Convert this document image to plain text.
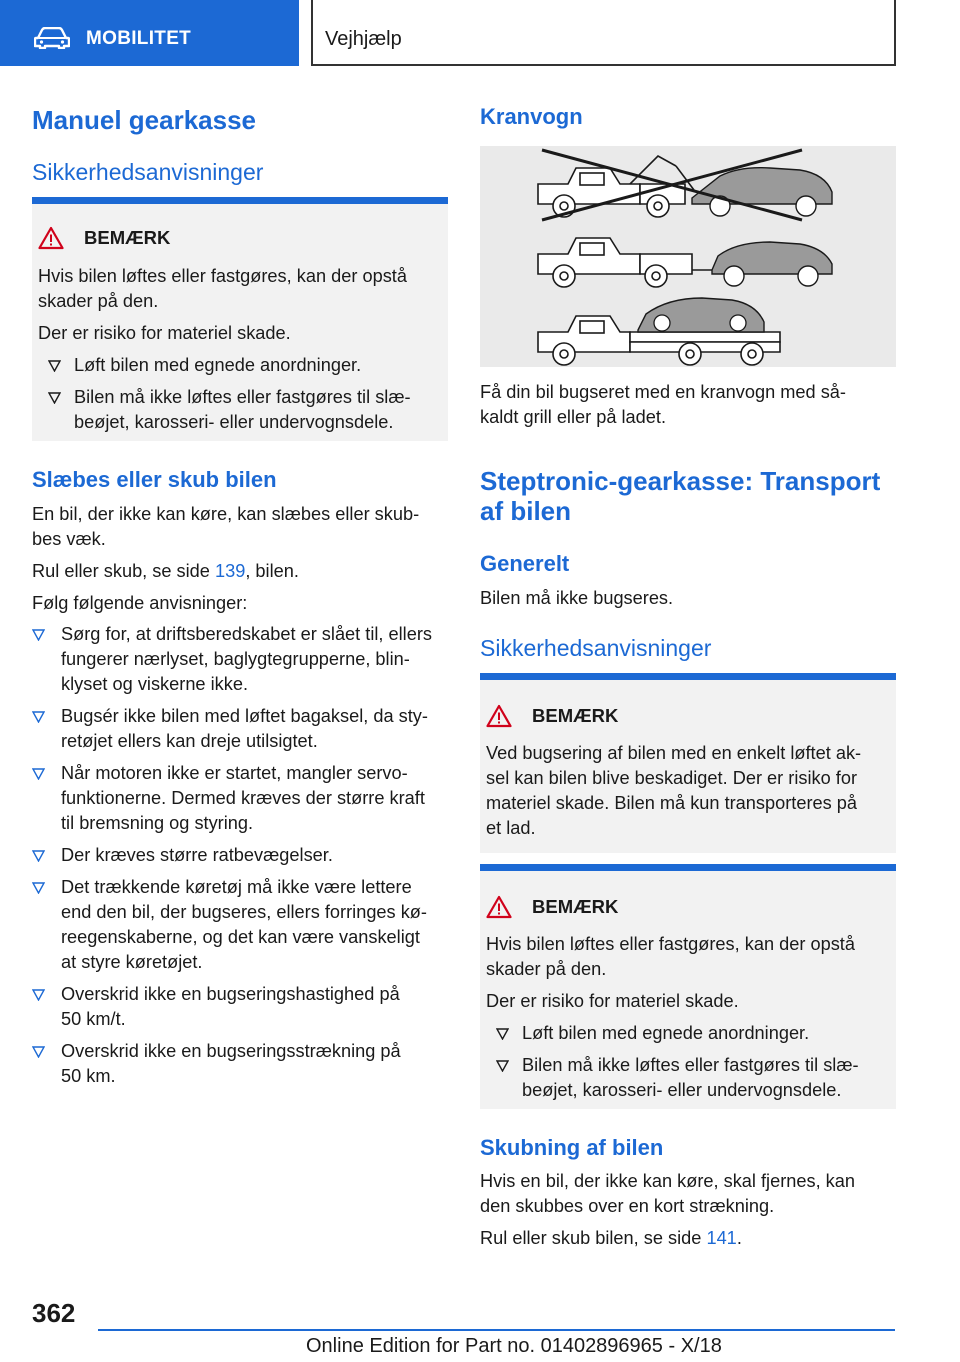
MOBILITET	Vejhjælp
Manuel gearkasse
Sikkerhedsanvisninger
BEMÆRK
Hvis bilen løftes eller fastgøres, kan der opstå
skader på den.
Der er risiko for materiel skade.
Løft bilen med egnede anordninger.
Bilen må ikke løftes eller fastgøres til slæ-
beøjet, karosseri- eller undervognsdele.
Slæbes eller skub bilen
En bil, der ikke kan køre, kan slæbes eller skub-
bes væk.
Rul eller skub, se side 139, bilen.
Følg følgende anvisninger:
Sørg for, at driftsberedskabet er slået til, ellers
fungerer nærlyset, baglygtegrupperne, blin-
klyset og viskerne ikke.
Bugsér ikke bilen med løftet bagaksel, da sty-
retøjet ellers kan dreje utilsigtet.
Når motoren ikke er startet, mangler servo-
funktionerne. Dermed kræves der større kraft
til bremsning og styring.
Der kræves større ratbevægelser.
Det trækkende køretøj må ikke være lettere
end den bil, der bugseres, ellers forringes kø-
reegenskaberne, og det kan være vanskeligt
at styre køretøjet.
Overskrid ikke en bugseringshastighed på
50 km/t.
Overskrid ikke en bugseringsstrækning på
50 km.
Kranvogn
Få din bil bugseret med en kranvogn med så-
kaldt grill eller på ladet.
Steptronic-gearkasse: Transport
af bilen
Generelt
Bilen må ikke bugseres.
Sikkerhedsanvisninger
BEMÆRK
Ved bugsering af bilen med en enkelt løftet ak-
sel kan bilen blive beskadiget. Der er risiko for
materiel skade. Bilen må kun transporteres på
et lad.
BEMÆRK
Hvis bilen løftes eller fastgøres, kan der opstå
skader på den.
Der er risiko for materiel skade.
Løft bilen med egnede anordninger.
Bilen må ikke løftes eller fastgøres til slæ-
beøjet, karosseri- eller undervognsdele.
Skubning af bilen
Hvis en bil, der ikke kan køre, skal fjernes, kan
den skubbes over en kort strækning.
Rul eller skub bilen, se side 141.
362
Online Edition for Part no. 01402896965 - X/18
